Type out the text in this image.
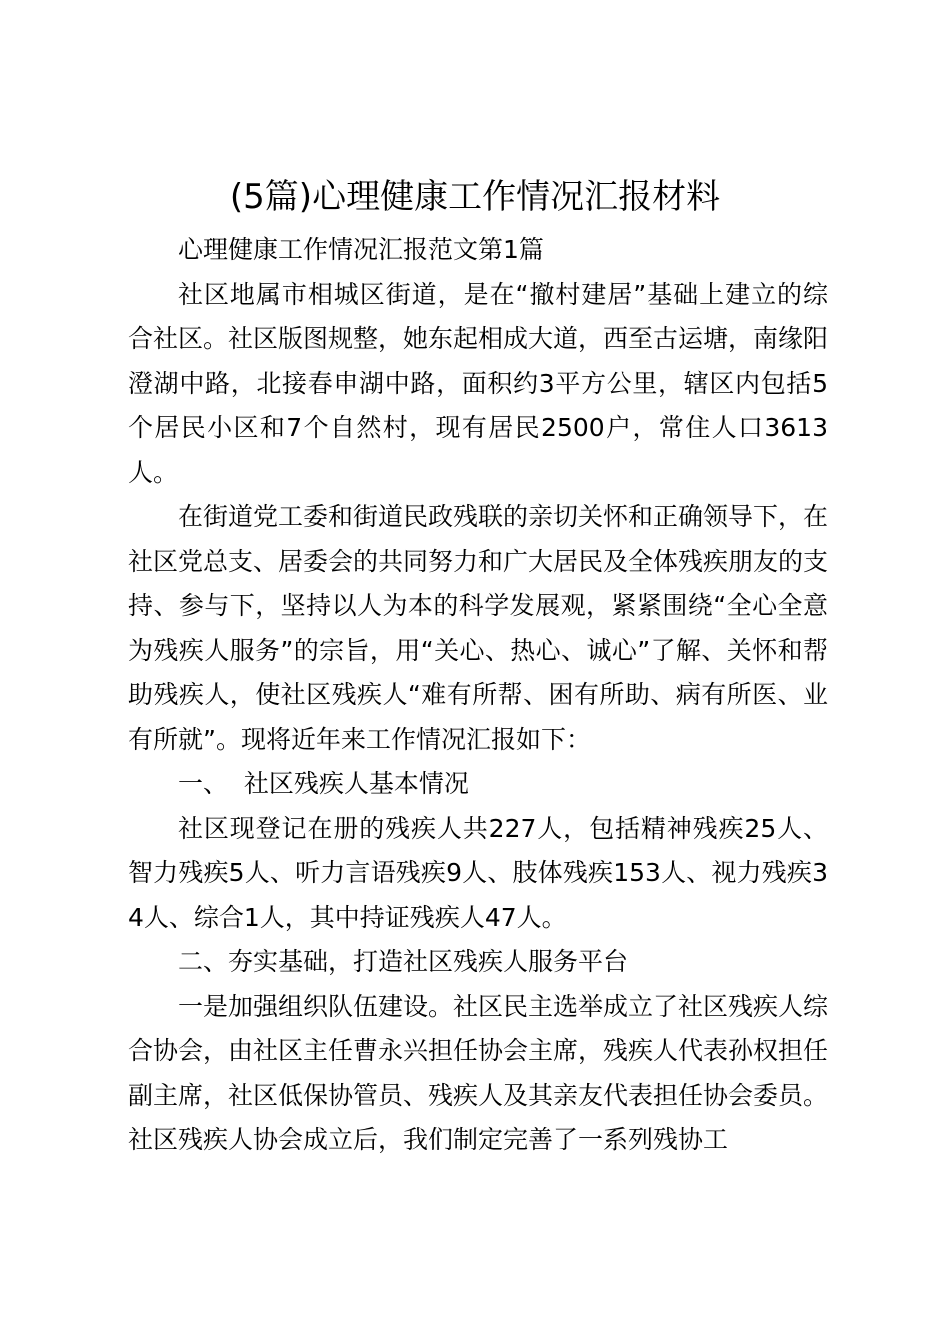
(5篇)心理健康工作情况汇报材料

心理健康工作情况汇报范文第1篇

社区地属市相城区街道，是在“撤村建居”基础上建立的综合社区。社区版图规整，她东起相成大道，西至古运塘，南缘阳澄湖中路，北接春申湖中路，面积约3平方公里，辖区内包括5个居民小区和7个自然村，现有居民2500户，常住人口3613人。

在街道党工委和街道民政残联的亲切关怀和正确领导下，在社区党总支、居委会的共同努力和广大居民及全体残疾朋友的支持、参与下，坚持以人为本的科学发展观，紧紧围绕“全心全意为残疾人服务”的宗旨，用“关心、热心、诚心”了解、关怀和帮助残疾人，使社区残疾人“难有所帮、困有所助、病有所医、业有所就”。现将近年来工作情况汇报如下：

一、  社区残疾人基本情况

社区现登记在册的残疾人共227人，包括精神残疾25人、智力残疾5人、听力言语残疾9人、肢体残疾153人、视力残疾34人、综合1人，其中持证残疾人47人。

二、夯实基础，打造社区残疾人服务平台

一是加强组织队伍建设。社区民主选举成立了社区残疾人综合协会，由社区主任曹永兴担任协会主席，残疾人代表孙权担任副主席，社区低保协管员、残疾人及其亲友代表担任协会委员。社区残疾人协会成立后，我们制定完善了一系列残协工
